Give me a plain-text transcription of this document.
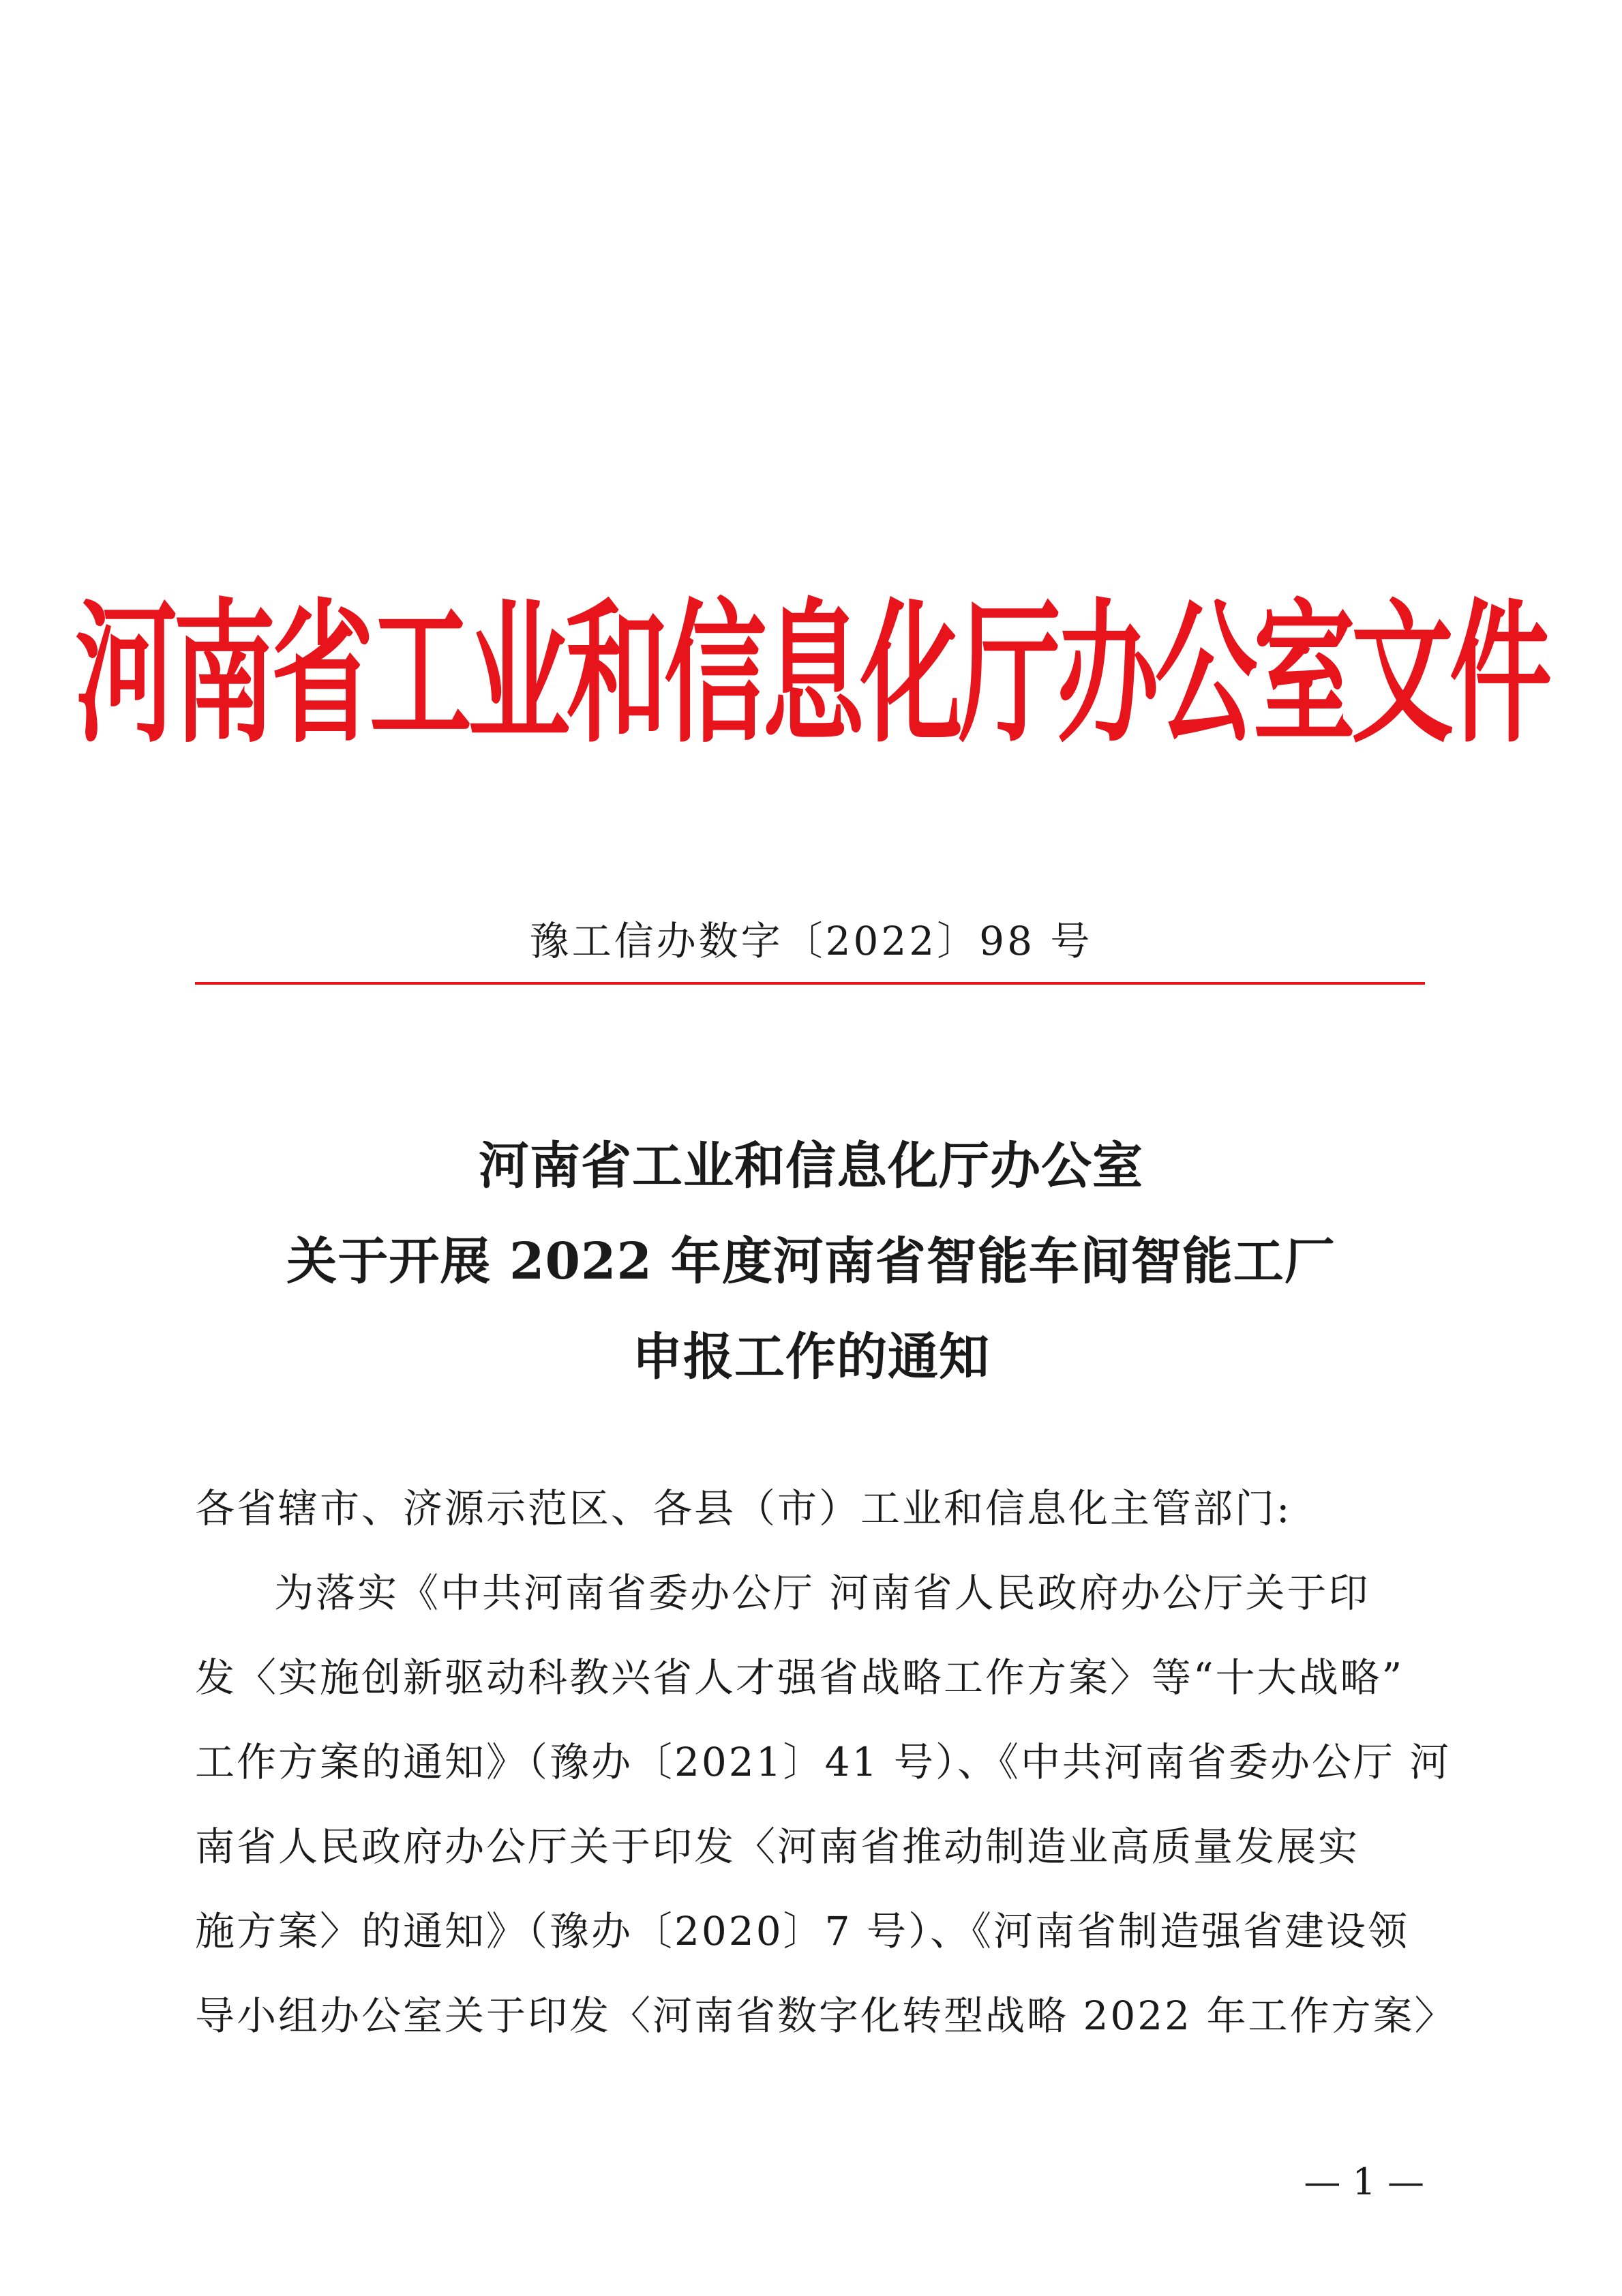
河南省工业和信息化厅办公室文件
豫工信办数字〔2022〕98 号
河南省工业和信息化厅办公室
关于开展 2022 年度河南省智能车间智能工厂
申报工作的通知
各省辖市、济源示范区、各县（市）工业和信息化主管部门:
为落实《中共河南省委办公厅 河南省人民政府办公厅关于印
发〈实施创新驱动科教兴省人才强省战略工作方案〉等“十大战略”
工作方案的通知》（豫办〔2021〕41 号）、《中共河南省委办公厅 河
南省人民政府办公厅关于印发〈河南省推动制造业高质量发展实
施方案〉的通知》（豫办〔2020〕7 号）、《河南省制造强省建设领
导小组办公室关于印发〈河南省数字化转型战略 2022 年工作方案〉
— 1 —
